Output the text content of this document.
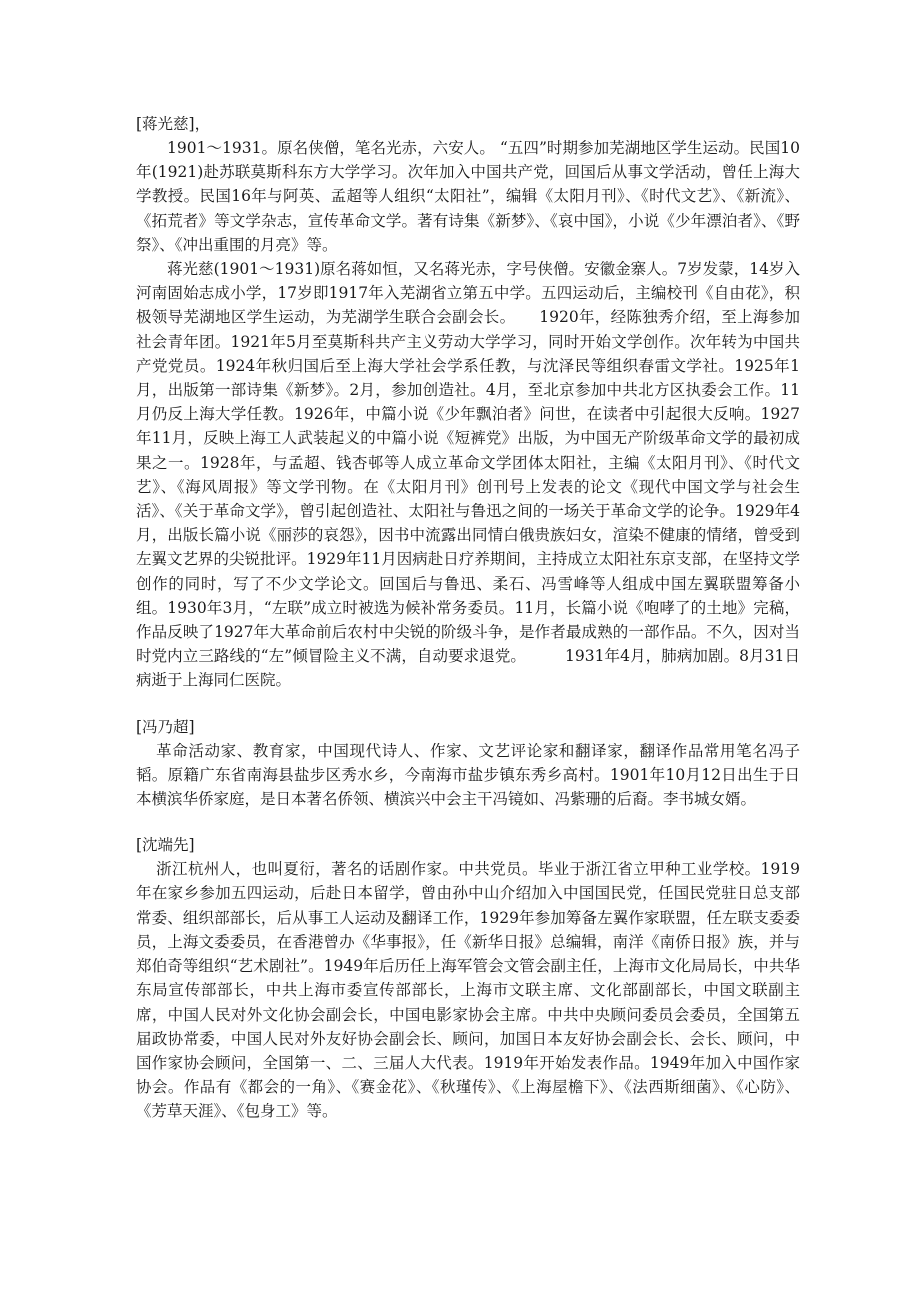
[蒋光慈]，

1901～1931。原名侠僧，笔名光赤，六安人。 “五四”时期参加芜湖地区学生运动。民国10年(1921)赴苏联莫斯科东方大学学习。次年加入中国共产党，回国后从事文学活动，曾任上海大学教授。民国16年与阿英、孟超等人组织“太阳社”，编辑《太阳月刊》、《时代文艺》、《新流》、《拓荒者》等文学杂志，宣传革命文学。著有诗集《新梦》、《哀中国》，小说《少年漂泊者》、《野祭》、《冲出重围的月亮》等。

蒋光慈(1901～1931)原名蒋如恒，又名蒋光赤，字号侠僧。安徽金寨人。7岁发蒙，14岁入河南固始志成小学，17岁即1917年入芜湖省立第五中学。五四运动后，主编校刊《自由花》，积极领导芜湖地区学生运动，为芜湖学生联合会副会长。　　1920年，经陈独秀介绍，至上海参加社会青年团。1921年5月至莫斯科共产主义劳动大学学习，同时开始文学创作。次年转为中国共产党党员。1924年秋归国后至上海大学社会学系任教，与沈泽民等组织春雷文学社。1925年1月，出版第一部诗集《新梦》。2月，参加创造社。4月，至北京参加中共北方区执委会工作。11月仍反上海大学任教。1926年，中篇小说《少年飘泊者》问世，在读者中引起很大反响。1927年11月，反映上海工人武装起义的中篇小说《短裤党》出版，为中国无产阶级革命文学的最初成果之一。1928年，与孟超、钱杏邨等人成立革命文学团体太阳社，主编《太阳月刊》、《时代文艺》、《海风周报》等文学刊物。在《太阳月刊》创刊号上发表的论文《现代中国文学与社会生活》、《关于革命文学》，曾引起创造社、太阳社与鲁迅之间的一场关于革命文学的论争。1929年4月，出版长篇小说《丽莎的哀怨》，因书中流露出同情白俄贵族妇女，渲染不健康的情绪，曾受到左翼文艺界的尖锐批评。1929年11月因病赴日疗养期间，主持成立太阳社东京支部，在坚持文学创作的同时，写了不少文学论文。回国后与鲁迅、柔石、冯雪峰等人组成中国左翼联盟筹备小组。1930年3月，“左联”成立时被选为候补常务委员。11月，长篇小说《咆哮了的土地》完稿，作品反映了1927年大革命前后农村中尖锐的阶级斗争，是作者最成熟的一部作品。不久，因对当时党内立三路线的“左”倾冒险主义不满，自动要求退党。　　　1931年4月，肺病加剧。8月31日病逝于上海同仁医院。

[冯乃超]

革命活动家、教育家，中国现代诗人、作家、文艺评论家和翻译家，翻译作品常用笔名冯子韬。原籍广东省南海县盐步区秀水乡，今南海市盐步镇东秀乡高村。1901年10月12日出生于日本横滨华侨家庭，是日本著名侨领、横滨兴中会主干冯镜如、冯紫珊的后裔。李书城女婿。

[沈端先]

浙江杭州人，也叫夏衍，著名的话剧作家。中共党员。毕业于浙江省立甲种工业学校。1919年在家乡参加五四运动，后赴日本留学，曾由孙中山介绍加入中国国民党，任国民党驻日总支部常委、组织部部长，后从事工人运动及翻译工作，1929年参加筹备左翼作家联盟，任左联支委委员，上海文委委员，在香港曾办《华事报》，任《新华日报》总编辑，南洋《南侨日报》族，并与郑伯奇等组织“艺术剧社”。1949年后历任上海军管会文管会副主任，上海市文化局局长，中共华东局宣传部部长，中共上海市委宣传部部长，上海市文联主席、文化部副部长，中国文联副主席，中国人民对外文化协会副会长，中国电影家协会主席。中共中央顾问委员会委员，全国第五届政协常委，中国人民对外友好协会副会长、顾问，加国日本友好协会副会长、会长、顾问，中国作家协会顾问，全国第一、二、三届人大代表。1919年开始发表作品。1949年加入中国作家协会。作品有《都会的一角》、《赛金花》、《秋瑾传》、《上海屋檐下》、《法西斯细菌》、《心防》、《芳草天涯》、《包身工》等。
